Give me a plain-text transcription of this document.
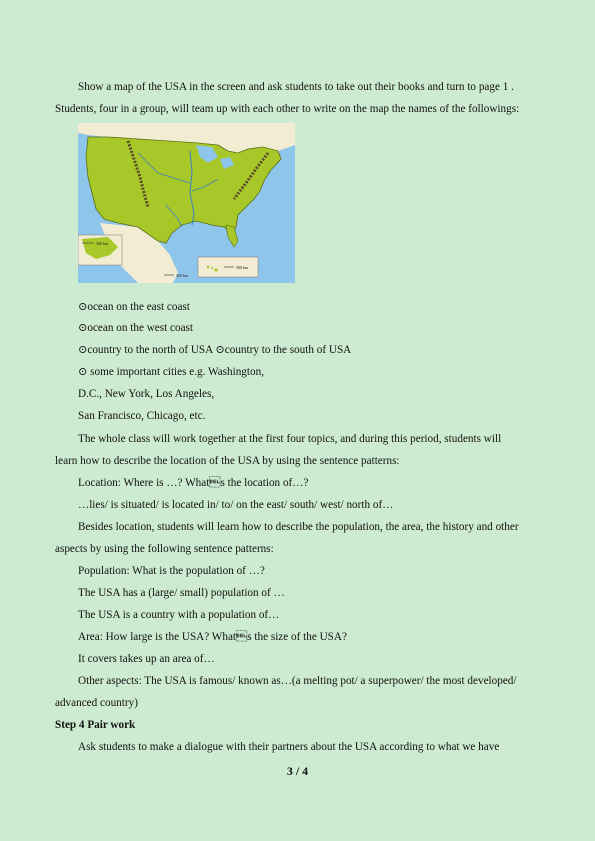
Show a map of the USA in the screen and ask students to take out their books and turn to page 1 .
Students, four in a group, will team up with each other to write on the map the names of the followings:
500 km
500 km
500 km
⊙ocean on the east coast
⊙ocean on the west coast
⊙country to the north of USA ⊙country to the south of USA
⊙ some important cities e.g. Washington,
D.C., New York, Los Angeles,
San Francisco, Chicago, etc.
The whole class will work together at the first four topics, and during this period, students will
learn how to describe the location of the USA by using the sentence patterns:
Location: Where is …? Whats the location of…?
…lies/ is situated/ is located in/ to/ on the east/ south/ west/ north of…
Besides location, students will learn how to describe the population, the area, the history and other
aspects by using the following sentence patterns:
Population: What is the population of …?
The USA has a (large/ small) population of …
The USA is a country with a population of…
Area: How large is the USA? Whats the size of the USA?
It covers takes up an area of…
Other aspects: The USA is famous/ known as…(a melting pot/ a superpower/ the most developed/
advanced country)
Step 4 Pair work
Ask students to make a dialogue with their partners about the USA according to what we have
3 / 4
